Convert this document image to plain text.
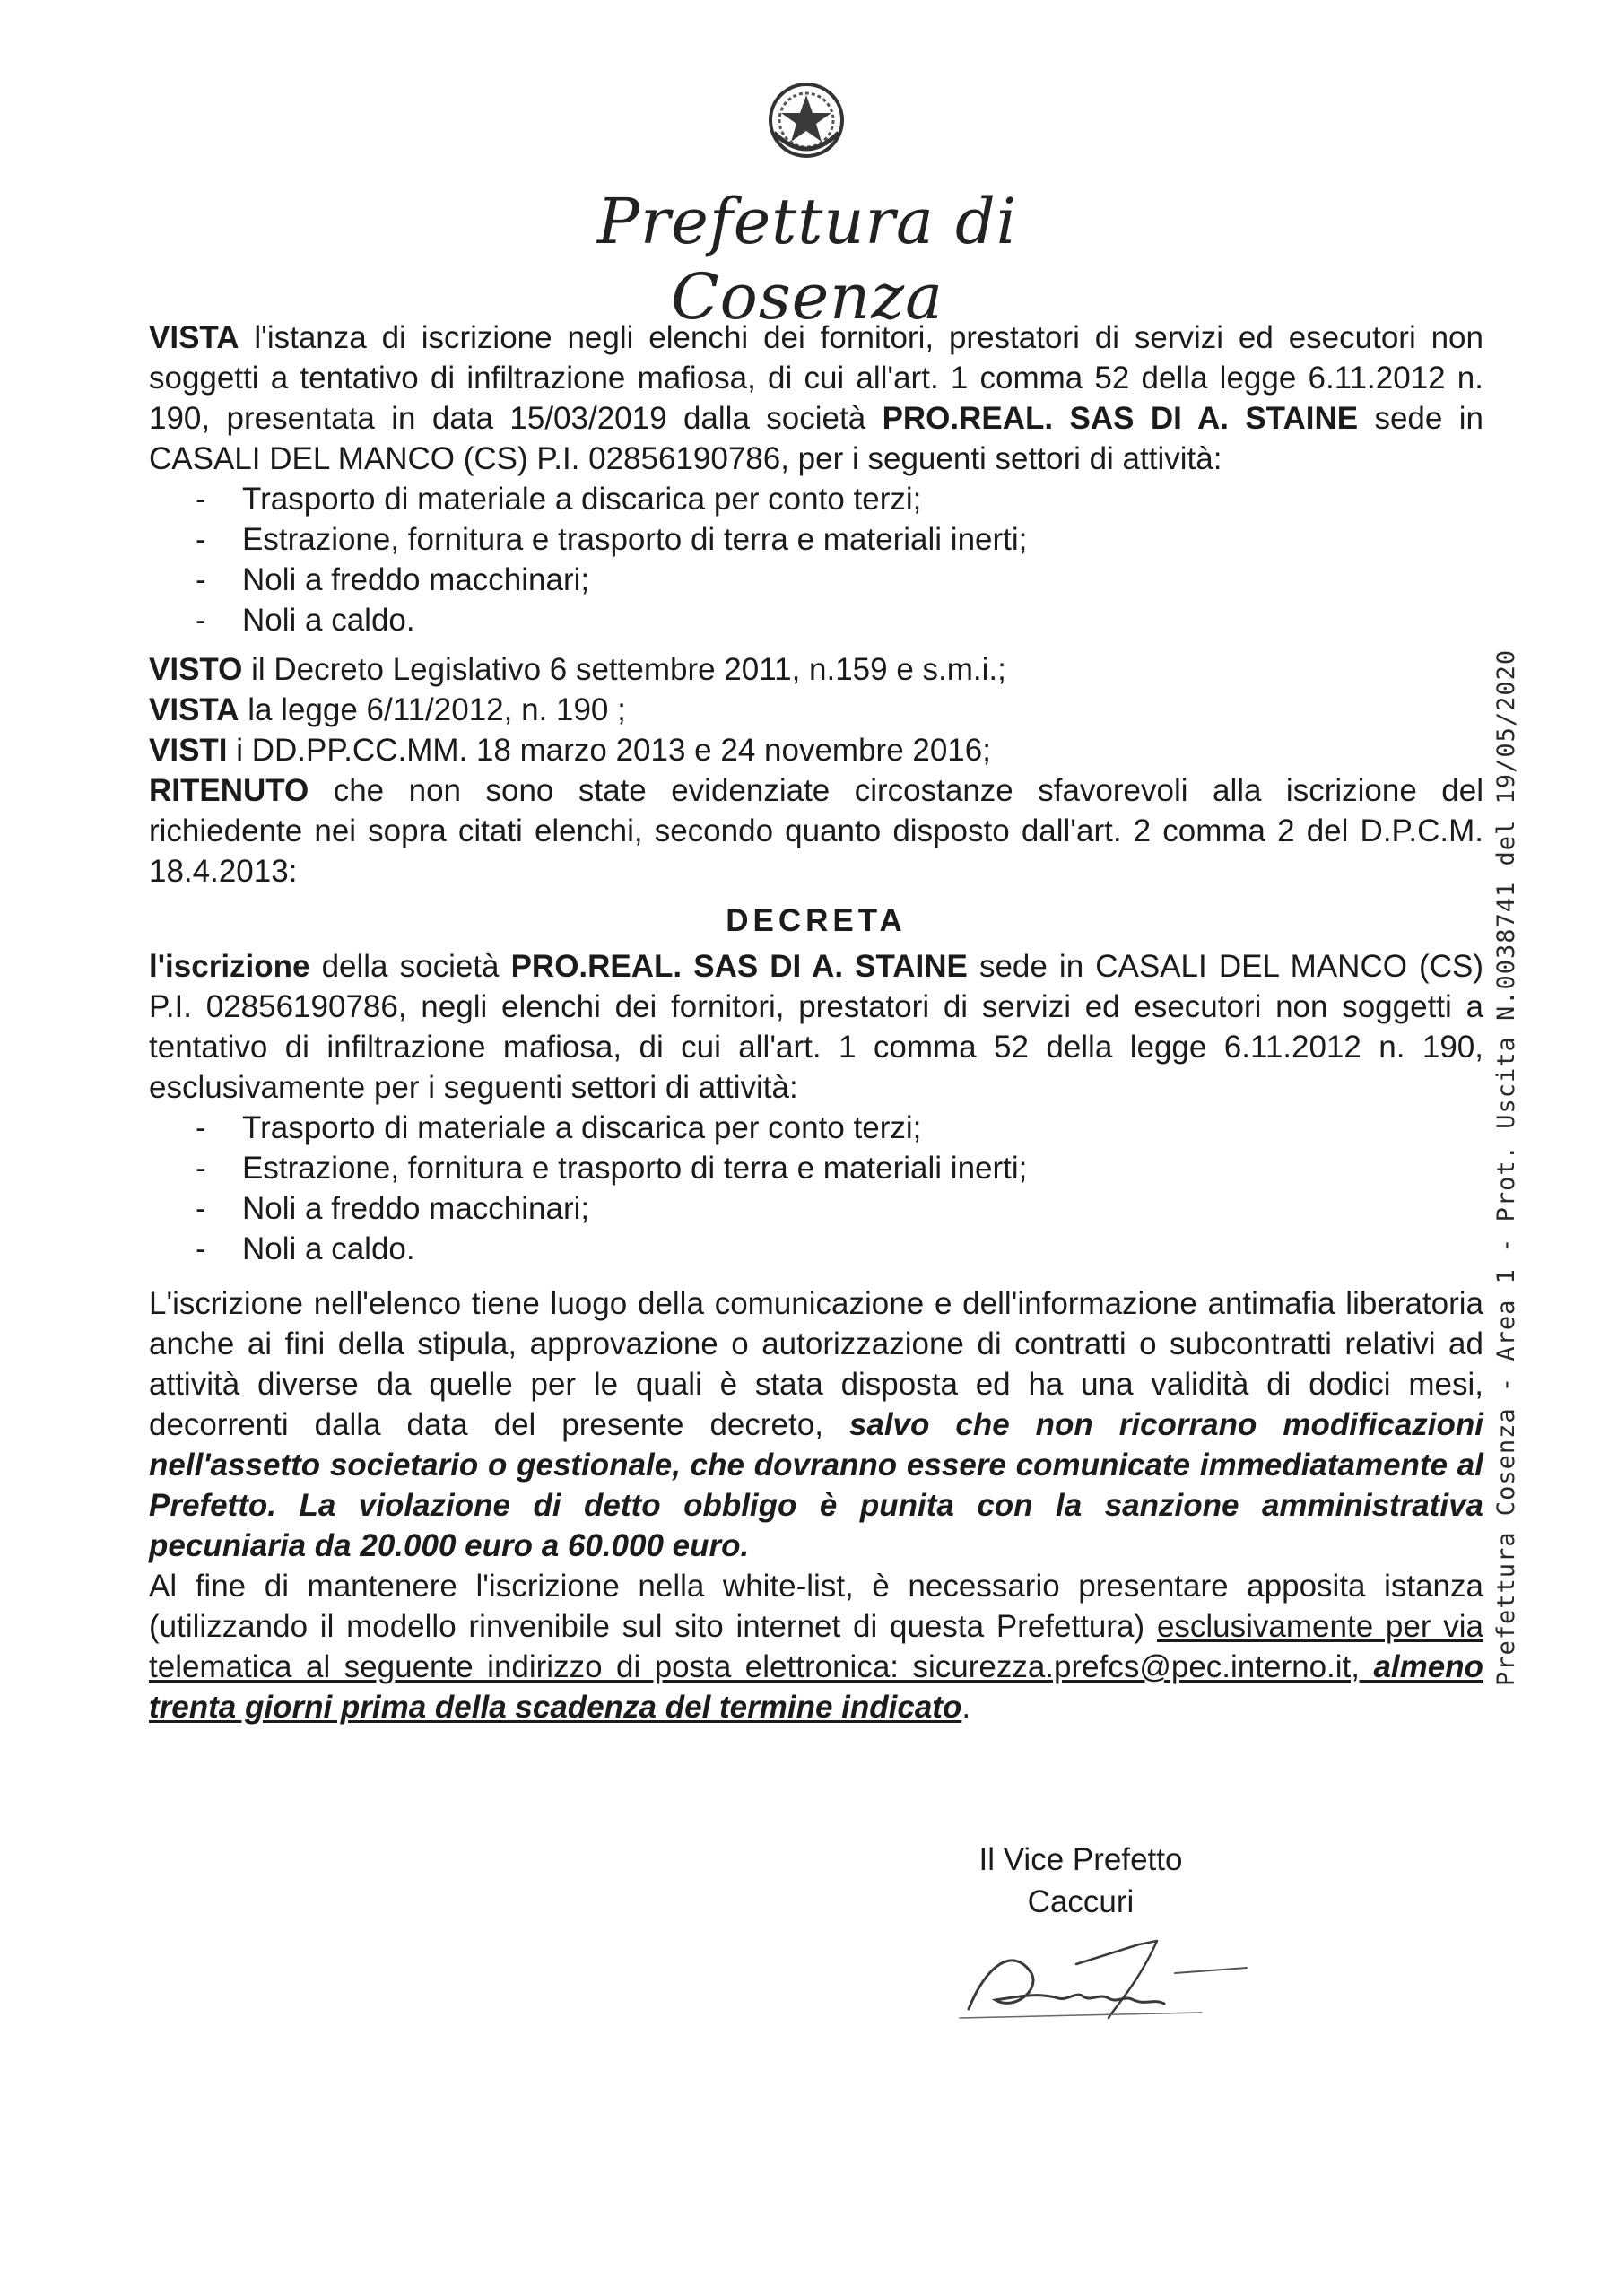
Prefettura di Cosenza

VISTA l'istanza di iscrizione negli elenchi dei fornitori, prestatori di servizi ed esecutori non soggetti a tentativo di infiltrazione mafiosa, di cui all'art. 1 comma 52 della legge 6.11.2012 n. 190, presentata in data 15/03/2019 dalla società PRO.REAL. SAS DI A. STAINE sede in CASALI DEL MANCO (CS) P.I. 02856190786, per i seguenti settori di attività:

- Trasporto di materiale a discarica per conto terzi;
- Estrazione, fornitura e trasporto di terra e materiali inerti;
- Noli a freddo macchinari;
- Noli a caldo.

VISTO il Decreto Legislativo 6 settembre 2011, n.159 e s.m.i.;

VISTA la legge 6/11/2012, n. 190 ;

VISTI i DD.PP.CC.MM. 18 marzo 2013 e 24 novembre 2016;

RITENUTO che non sono state evidenziate circostanze sfavorevoli alla iscrizione del richiedente nei sopra citati elenchi, secondo quanto disposto dall'art. 2 comma 2 del D.P.C.M. 18.4.2013:

DECRETA

l'iscrizione della società PRO.REAL. SAS DI A. STAINE sede in CASALI DEL MANCO (CS) P.I. 02856190786, negli elenchi dei fornitori, prestatori di servizi ed esecutori non soggetti a tentativo di infiltrazione mafiosa, di cui all'art. 1 comma 52 della legge 6.11.2012 n. 190, esclusivamente per i seguenti settori di attività:

- Trasporto di materiale a discarica per conto terzi;
- Estrazione, fornitura e trasporto di terra e materiali inerti;
- Noli a freddo macchinari;
- Noli a caldo.

L'iscrizione nell'elenco tiene luogo della comunicazione e dell'informazione antimafia liberatoria anche ai fini della stipula, approvazione o autorizzazione di contratti o subcontratti relativi ad attività diverse da quelle per le quali è stata disposta ed ha una validità di dodici mesi, decorrenti dalla data del presente decreto, salvo che non ricorrano modificazioni nell'assetto societario o gestionale, che dovranno essere comunicate immediatamente al Prefetto. La violazione di detto obbligo è punita con la sanzione amministrativa pecuniaria da 20.000 euro a 60.000 euro.

Al fine di mantenere l'iscrizione nella white-list, è necessario presentare apposita istanza (utilizzando il modello rinvenibile sul sito internet di questa Prefettura) esclusivamente per via telematica al seguente indirizzo di posta elettronica: sicurezza.prefcs@pec.interno.it, almeno trenta giorni prima della scadenza del termine indicato.

Il Vice Prefetto
Caccuri
Prefettura Cosenza - Area 1 - Prot. Uscita N.0038741 del 19/05/2020
